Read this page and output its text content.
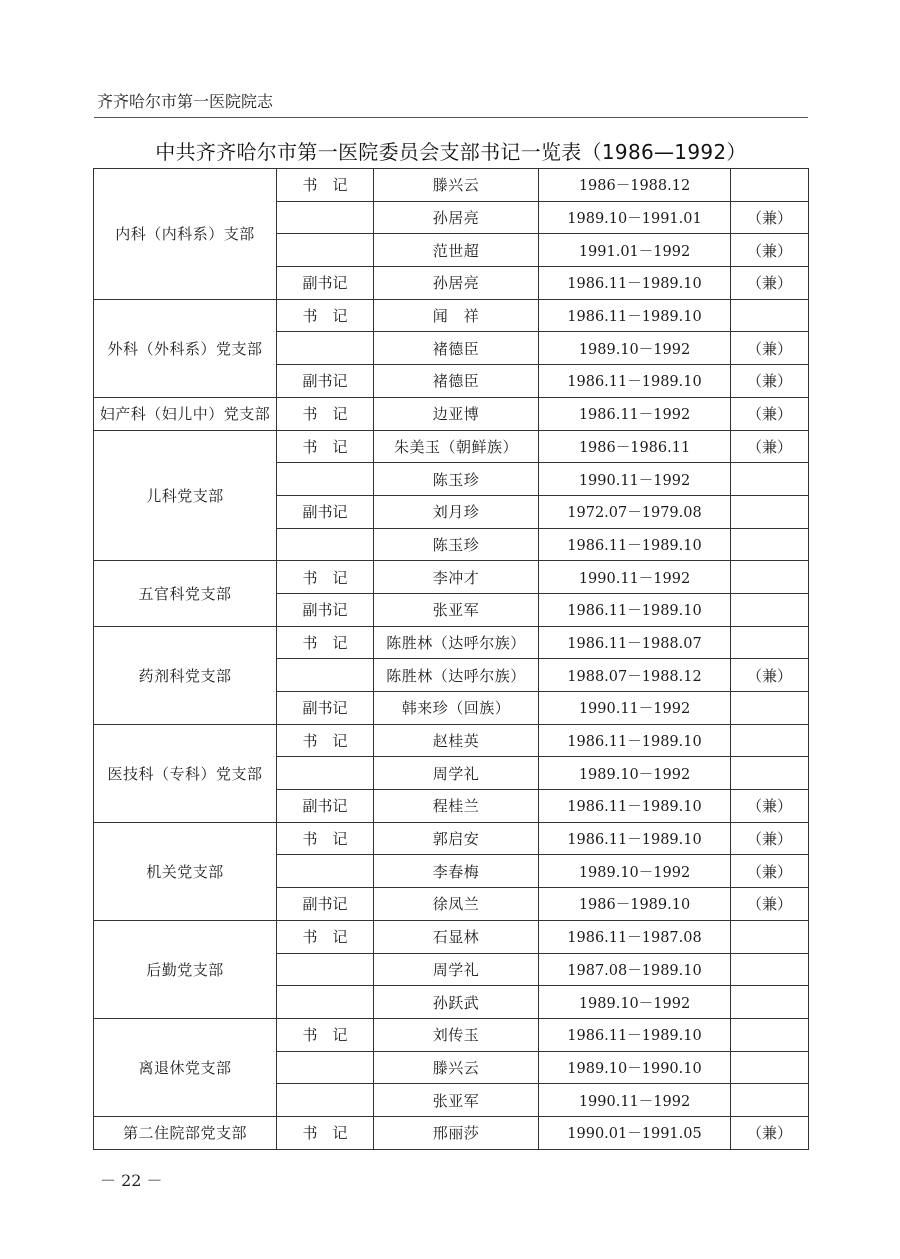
齐齐哈尔市第一医院院志
中共齐齐哈尔市第一医院委员会支部书记一览表（1986—1992）
内科（内科系）支部	书　记	滕兴云	1986－1988.12	
		孙居亮	1989.10－1991.01	（兼）
		范世超	1991.01－1992	（兼）
	副书记	孙居亮	1986.11－1989.10	（兼）
外科（外科系）党支部	书　记	闻　祥	1986.11－1989.10	
		褚德臣	1989.10－1992	（兼）
	副书记	褚德臣	1986.11－1989.10	（兼）
妇产科（妇儿中）党支部	书　记	边亚博	1986.11－1992	（兼）
儿科党支部	书　记	朱美玉（朝鲜族）	1986－1986.11	（兼）
		陈玉珍	1990.11－1992	
	副书记	刘月珍	1972.07－1979.08	
		陈玉珍	1986.11－1989.10	
五官科党支部	书　记	李冲才	1990.11－1992	
	副书记	张亚军	1986.11－1989.10	
药剂科党支部	书　记	陈胜林（达呼尔族）	1986.11－1988.07	
		陈胜林（达呼尔族）	1988.07－1988.12	（兼）
	副书记	韩来珍（回族）	1990.11－1992	
医技科（专科）党支部	书　记	赵桂英	1986.11－1989.10	
		周学礼	1989.10－1992	
	副书记	程桂兰	1986.11－1989.10	（兼）
机关党支部	书　记	郭启安	1986.11－1989.10	（兼）
		李春梅	1989.10－1992	（兼）
	副书记	徐凤兰	1986－1989.10	（兼）
后勤党支部	书　记	石显林	1986.11－1987.08	
		周学礼	1987.08－1989.10	
		孙跃武	1989.10－1992	
离退休党支部	书　记	刘传玉	1986.11－1989.10	
		滕兴云	1989.10－1990.10	
		张亚军	1990.11－1992	
第二住院部党支部	书　记	邢丽莎	1990.01－1991.05	（兼）
－ 22 －
